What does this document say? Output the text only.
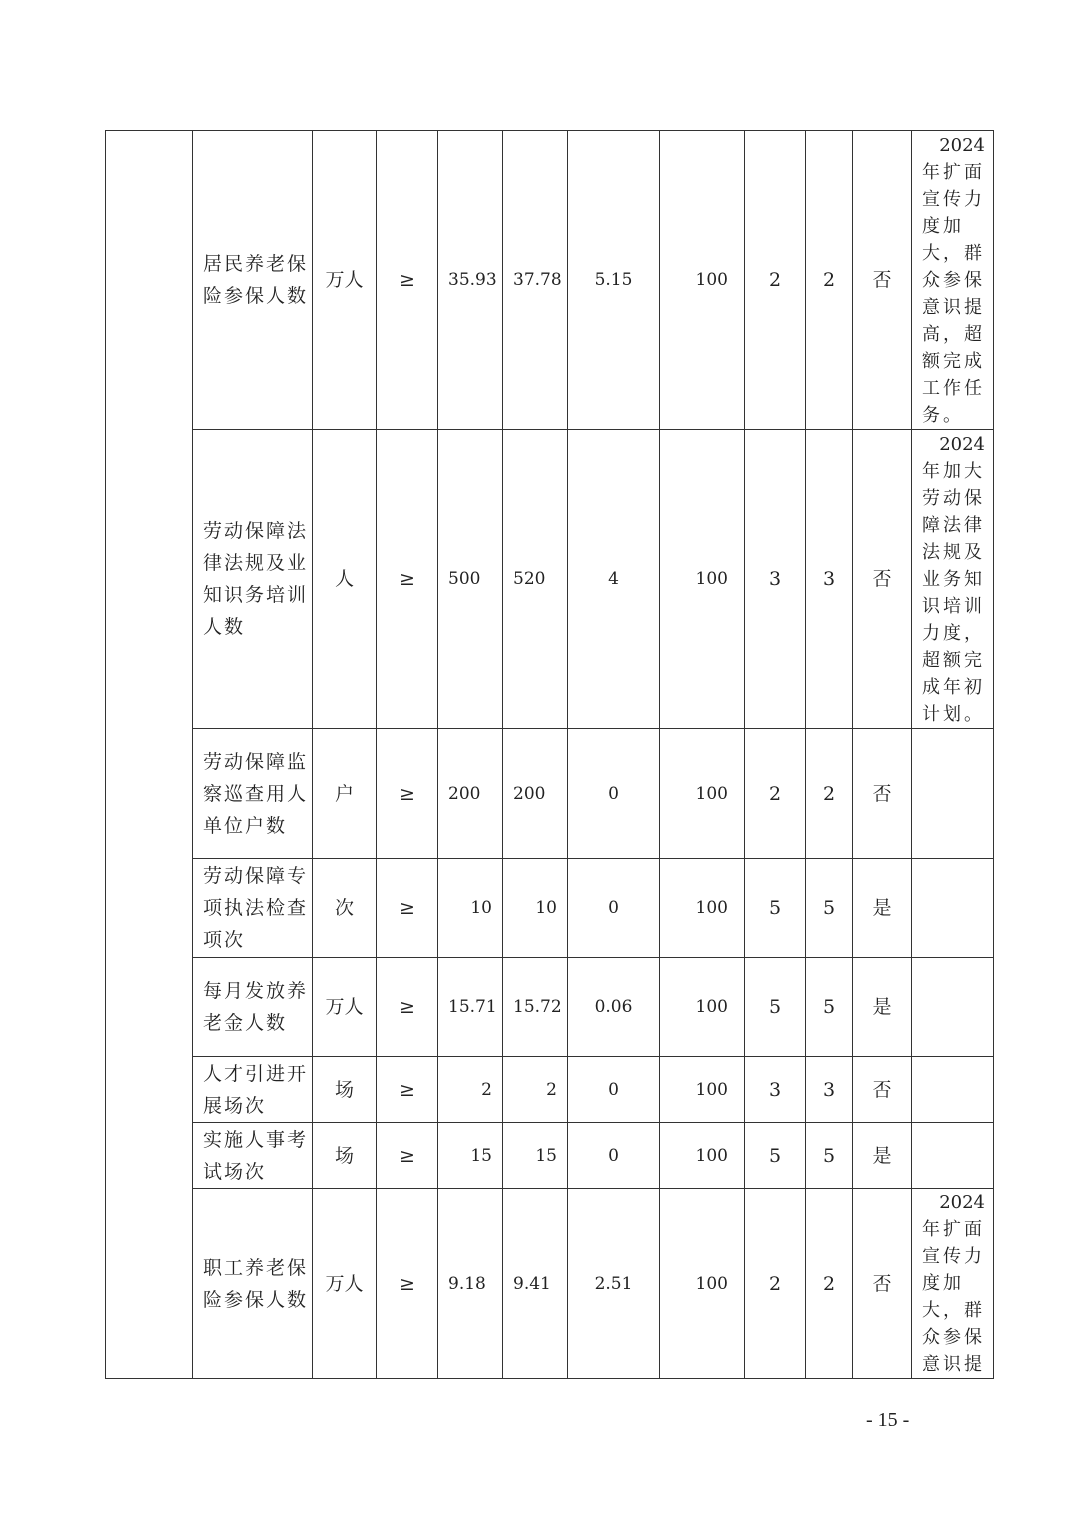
	居民养老保险参保人数	万人	≥	35.93	37.78	5.15	100	2	2	否	2024
年扩面宣传力度加大，群众参保意识提高，超额完成工作任务。

	劳动保障法律法规及业知识务培训人数	人	≥	500	520	4	100	3	3	否	2024
年加大劳动保障法律法规及业务知识培训力度，超额完成年初计划。

	劳动保障监察巡查用人单位户数	户	≥	200	200	0	100	2	2	否	
	劳动保障专项执法检查项次	次	≥	10	10	0	100	5	5	是	
	每月发放养老金人数	万人	≥	15.71	15.72	0.06	100	5	5	是	
	人才引进开展场次	场	≥	2	2	0	100	3	3	否	
	实施人事考试场次	场	≥	15	15	0	100	5	5	是	
	职工养老保险参保人数	万人	≥	9.18	9.41	2.51	100	2	2	否	2024
年扩面宣传力度加大，群众参保意识提
- 15 -
